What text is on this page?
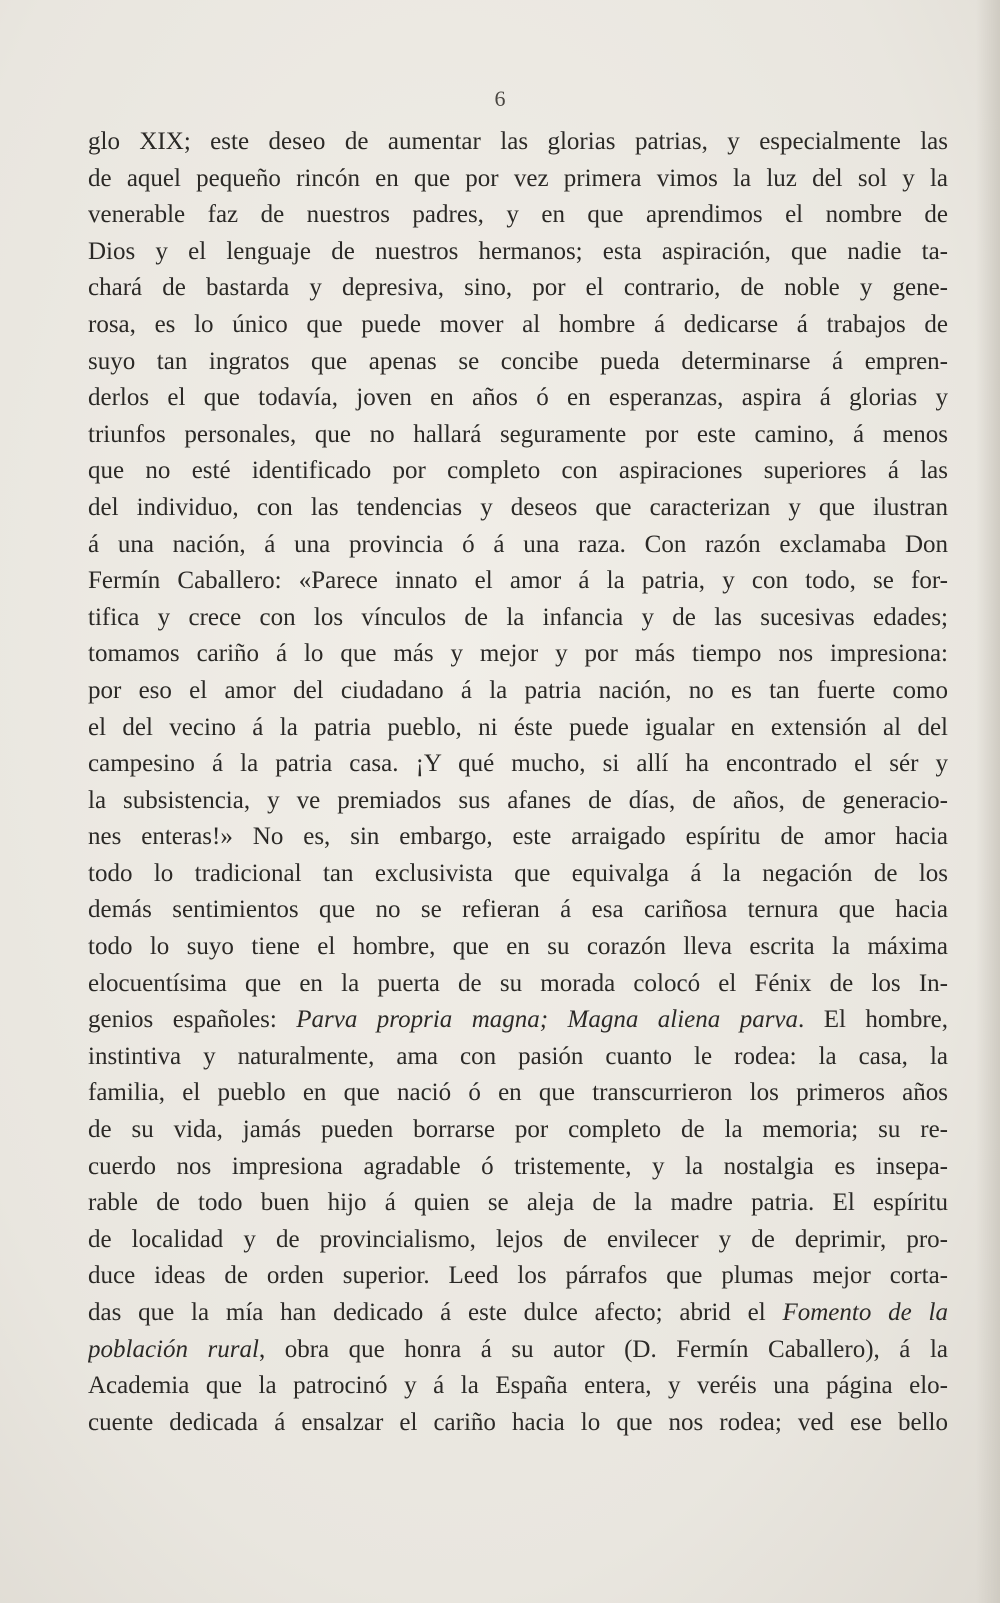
6
glo XIX; este deseo de aumentar las glorias patrias, y especialmente las
de aquel pequeño rincón en que por vez primera vimos la luz del sol y la
venerable faz de nuestros padres, y en que aprendimos el nombre de
Dios y el lenguaje de nuestros hermanos; esta aspiración, que nadie ta-
chará de bastarda y depresiva, sino, por el contrario, de noble y gene-
rosa, es lo único que puede mover al hombre á dedicarse á trabajos de
suyo tan ingratos que apenas se concibe pueda determinarse á empren-
derlos el que todavía, joven en años ó en esperanzas, aspira á glorias y
triunfos personales, que no hallará seguramente por este camino, á menos
que no esté identificado por completo con aspiraciones superiores á las
del individuo, con las tendencias y deseos que caracterizan y que ilustran
á una nación, á una provincia ó á una raza. Con razón exclamaba Don
Fermín Caballero: «Parece innato el amor á la patria, y con todo, se for-
tifica y crece con los vínculos de la infancia y de las sucesivas edades;
tomamos cariño á lo que más y mejor y por más tiempo nos impresiona:
por eso el amor del ciudadano á la patria nación, no es tan fuerte como
el del vecino á la patria pueblo, ni éste puede igualar en extensión al del
campesino á la patria casa. ¡Y qué mucho, si allí ha encontrado el sér y
la subsistencia, y ve premiados sus afanes de días, de años, de generacio-
nes enteras!» No es, sin embargo, este arraigado espíritu de amor hacia
todo lo tradicional tan exclusivista que equivalga á la negación de los
demás sentimientos que no se refieran á esa cariñosa ternura que hacia
todo lo suyo tiene el hombre, que en su corazón lleva escrita la máxima
elocuentísima que en la puerta de su morada colocó el Fénix de los In-
genios españoles: Parva propria magna; Magna aliena parva. El hombre,
instintiva y naturalmente, ama con pasión cuanto le rodea: la casa, la
familia, el pueblo en que nació ó en que transcurrieron los primeros años
de su vida, jamás pueden borrarse por completo de la memoria; su re-
cuerdo nos impresiona agradable ó tristemente, y la nostalgia es insepa-
rable de todo buen hijo á quien se aleja de la madre patria. El espíritu
de localidad y de provincialismo, lejos de envilecer y de deprimir, pro-
duce ideas de orden superior. Leed los párrafos que plumas mejor corta-
das que la mía han dedicado á este dulce afecto; abrid el Fomento de la
población rural, obra que honra á su autor (D. Fermín Caballero), á la
Academia que la patrocinó y á la España entera, y veréis una página elo-
cuente dedicada á ensalzar el cariño hacia lo que nos rodea; ved ese bello
